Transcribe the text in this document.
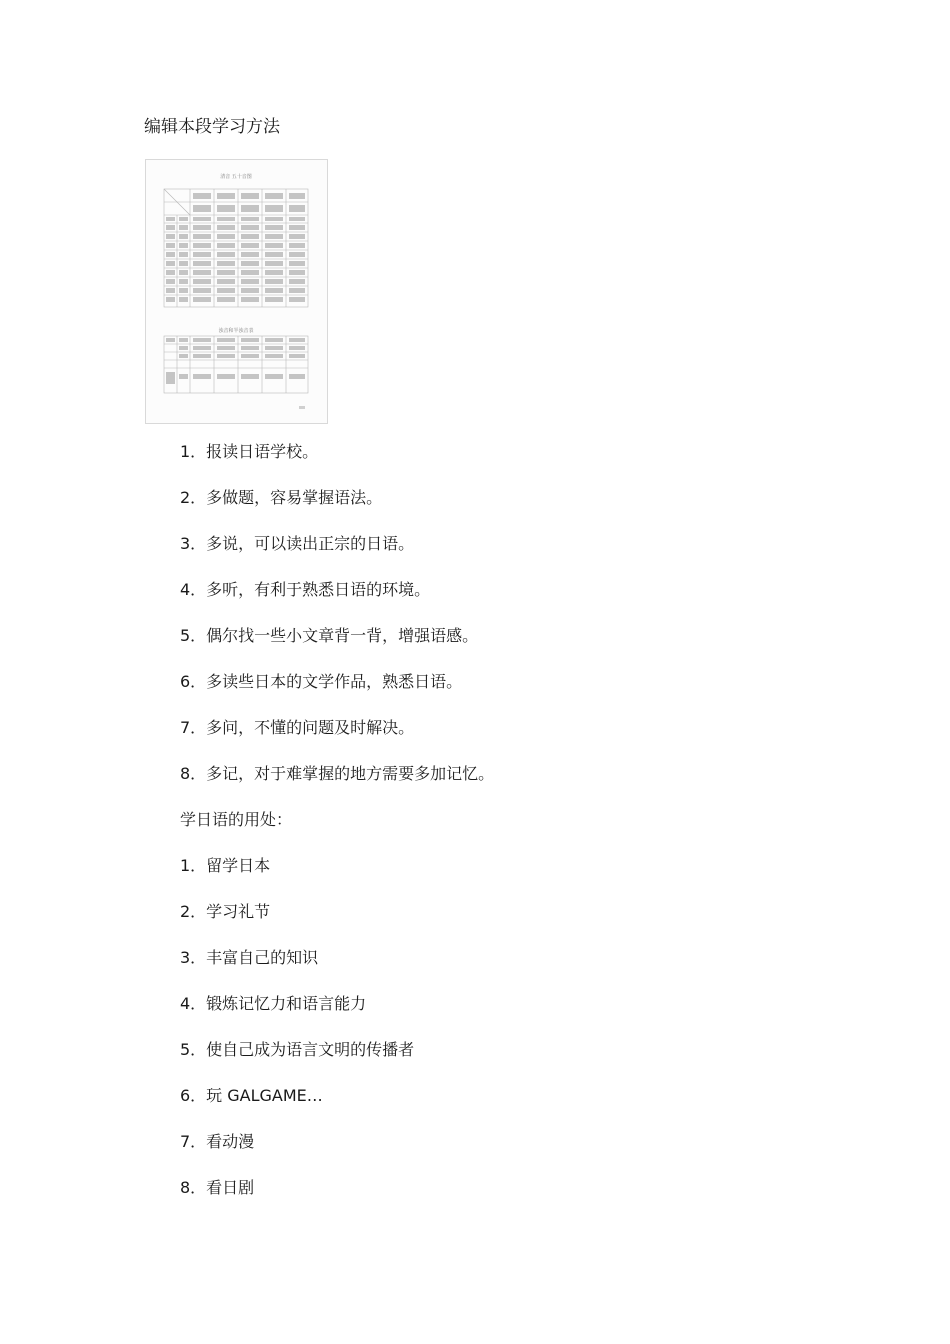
编辑本段学习方法
清音 五十音图
浊音和半浊音表
1．报读日语学校。
2．多做题，容易掌握语法。
3．多说，可以读出正宗的日语。
4．多听，有利于熟悉日语的环境。
5．偶尔找一些小文章背一背，增强语感。
6．多读些日本的文学作品，熟悉日语。
7．多问，不懂的问题及时解决。
8．多记，对于难掌握的地方需要多加记忆。
学日语的用处：
1．留学日本
2．学习礼节
3．丰富自己的知识
4．锻炼记忆力和语言能力
5．使自己成为语言文明的传播者
6．玩 GALGAME…
7．看动漫
8．看日剧
